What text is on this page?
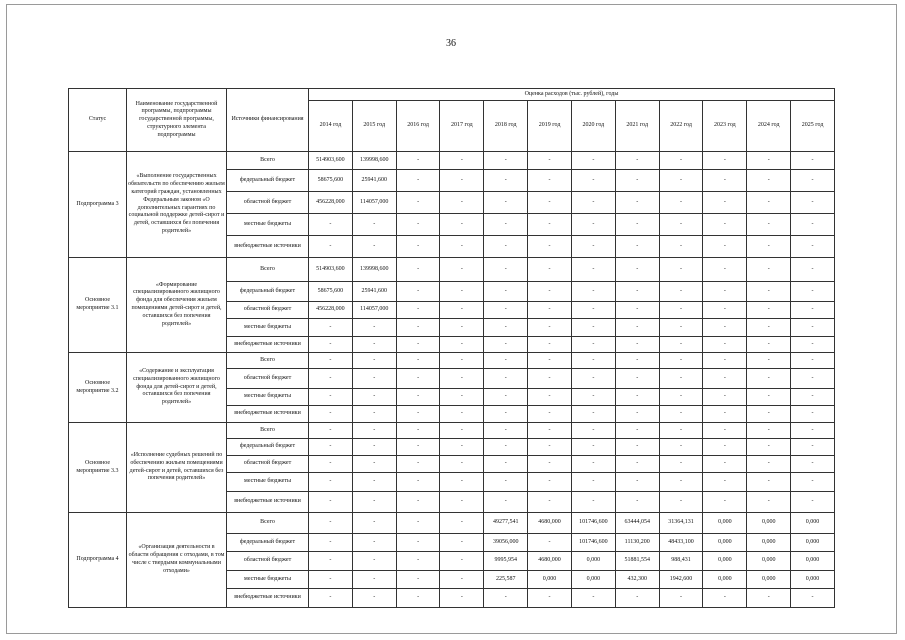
36
Статус	Наименование государственной программы, подпрограммы государственной программы, структурного элемента подпрограммы	Источники финансирования	Оценка расходов (тыс. рублей), годы											
			2014 год	2015 год	2016 год	2017 год	2018 год	2019 год	2020 год	2021 год	2022 год	2023 год	2024 год	2025 год
Подпрограмма 3	«Выполнение государственных обязательств по обеспечению жильем категорий граждан, установленных Федеральным законом «О дополнительных гарантиях по социальной поддержке детей-сирот и детей, оставшихся без попечения родителей»	Всего	514903,600	139998,600	-	-	-	-	-	-	-	-	-	-
		федеральный бюджет	58675,600	25941,600	-	-	-	-	-	-	-	-	-	-
		областной бюджет	456228,000	114057,000	-	-	-	-	-	-	-	-	-	-
		местные бюджеты	-	-	-	-	-	-	-	-	-	-	-	-
		внебюджетные источники	-	-	-	-	-	-	-	-	-	-	-	-
Основное мероприятие 3.1	«Формирование специализированного жилищного фонда для обеспечения жильем помещениями детей-сирот и детей, оставшихся без попечения родителей»	Всего	514903,600	139998,600	-	-	-	-	-	-	-	-	-	-
		федеральный бюджет	58675,600	25941,600	-	-	-	-	-	-	-	-	-	-
		областной бюджет	456228,000	114057,000	-	-	-	-	-	-	-	-	-	-
		местные бюджеты	-	-	-	-	-	-	-	-	-	-	-	-
		внебюджетные источники	-	-	-	-	-	-	-	-	-	-	-	-
Основное мероприятие 3.2	«Содержание и эксплуатация специализированного жилищного фонда для детей-сирот и детей, оставшихся без попечения родителей»	Всего	-	-	-	-	-	-	-	-	-	-	-	-
		областной бюджет	-	-	-	-	-	-	-	-	-	-	-	-
		местные бюджеты	-	-	-	-	-	-	-	-	-	-	-	-
		внебюджетные источники	-	-	-	-	-	-	-	-	-	-	-	-
Основное мероприятие 3.3	«Исполнение судебных решений по обеспечению жильем помещениями детей-сирот и детей, оставшихся без попечения родителей»	Всего	-	-	-	-	-	-	-	-	-	-	-	-
		федеральный бюджет	-	-	-	-	-	-	-	-	-	-	-	-
		областной бюджет	-	-	-	-	-	-	-	-	-	-	-	-
		местные бюджеты	-	-	-	-	-	-	-	-	-	-	-	-
		внебюджетные источники	-	-	-	-	-	-	-	-	-	-	-	-
Подпрограмма 4	«Организация деятельности в области обращения с отходами, в том числе с твердыми коммунальными отходами»	Всего	-	-	-	-	49277,541	4680,000	101746,600	63444,054	31364,131	0,000	0,000	0,000
		федеральный бюджет	-	-	-	-	39056,000	-	101746,600	11130,200	48433,100	0,000	0,000	0,000
		областной бюджет	-	-	-	-	9995,954	4680,000	0,000	51881,554	988,431	0,000	0,000	0,000
		местные бюджеты	-	-	-	-	225,587	0,000	0,000	432,300	1942,600	0,000	0,000	0,000
		внебюджетные источники	-	-	-	-	-	-	-	-	-	-	-	-
